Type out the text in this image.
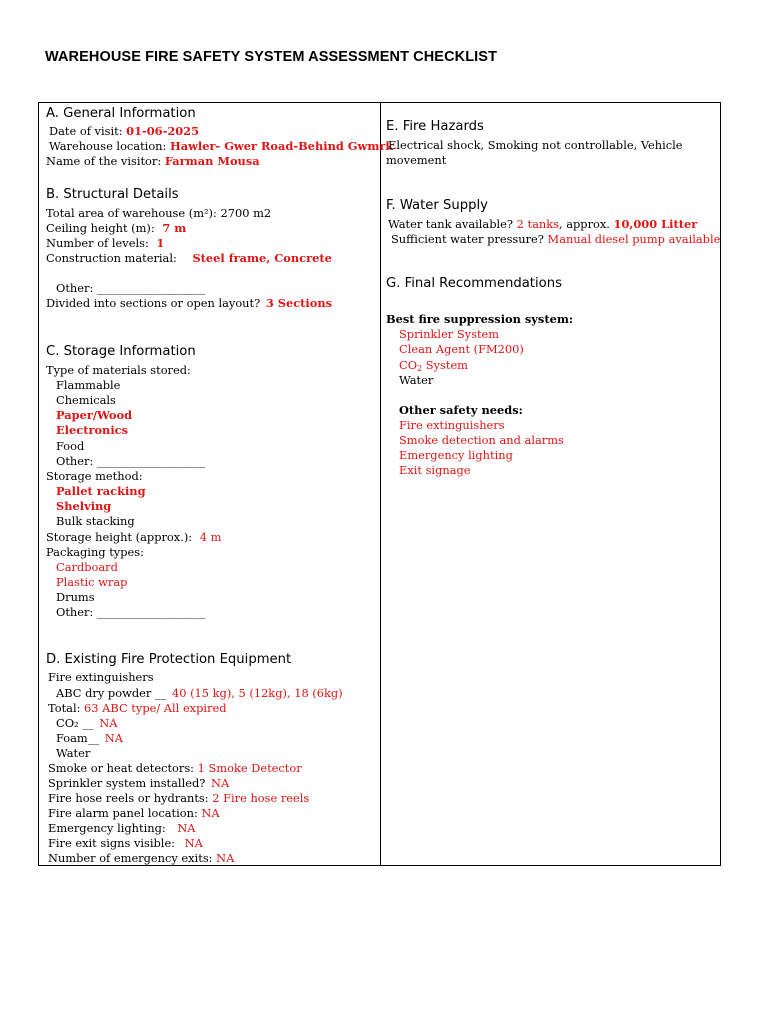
WAREHOUSE FIRE SAFETY SYSTEM ASSESSMENT CHECKLIST
A. General Information
Date of visit: 01-06-2025
Warehouse location: Hawler- Gwer Road-Behind Gwmrk
Name of the visitor: Farman Mousa
B. Structural Details
Total area of warehouse (m²): 2700 m2
Ceiling height (m): 7 m
Number of levels: 1
Construction material: Steel frame, Concrete
Other: ___________________
Divided into sections or open layout? 3 Sections
C. Storage Information
Type of materials stored:
Flammable
Chemicals
Paper/Wood
Electronics
Food
Other: ___________________
Storage method:
Pallet racking
Shelving
Bulk stacking
Storage height (approx.): 4 m
Packaging types:
Cardboard
Plastic wrap
Drums
Other: ___________________
D. Existing Fire Protection Equipment
Fire extinguishers
ABC dry powder __ 40 (15 kg), 5 (12kg), 18 (6kg)
Total: 63 ABC type/ All expired
CO₂ __ NA
Foam__ NA
Water
Smoke or heat detectors: 1 Smoke Detector
Sprinkler system installed? NA
Fire hose reels or hydrants: 2 Fire hose reels
Fire alarm panel location: NA
Emergency lighting: NA
Fire exit signs visible: NA
Number of emergency exits: NA
E. Fire Hazards
Electrical shock, Smoking not controllable, Vehicle
movement
F. Water Supply
Water tank available? 2 tanks, approx. 10,000 Litter
Sufficient water pressure? Manual diesel pump available
G. Final Recommendations
Best fire suppression system:
Sprinkler System
Clean Agent (FM200)
$CO_2$ System
Water
Other safety needs:
Fire extinguishers
Smoke detection and alarms
Emergency lighting
Exit signage
